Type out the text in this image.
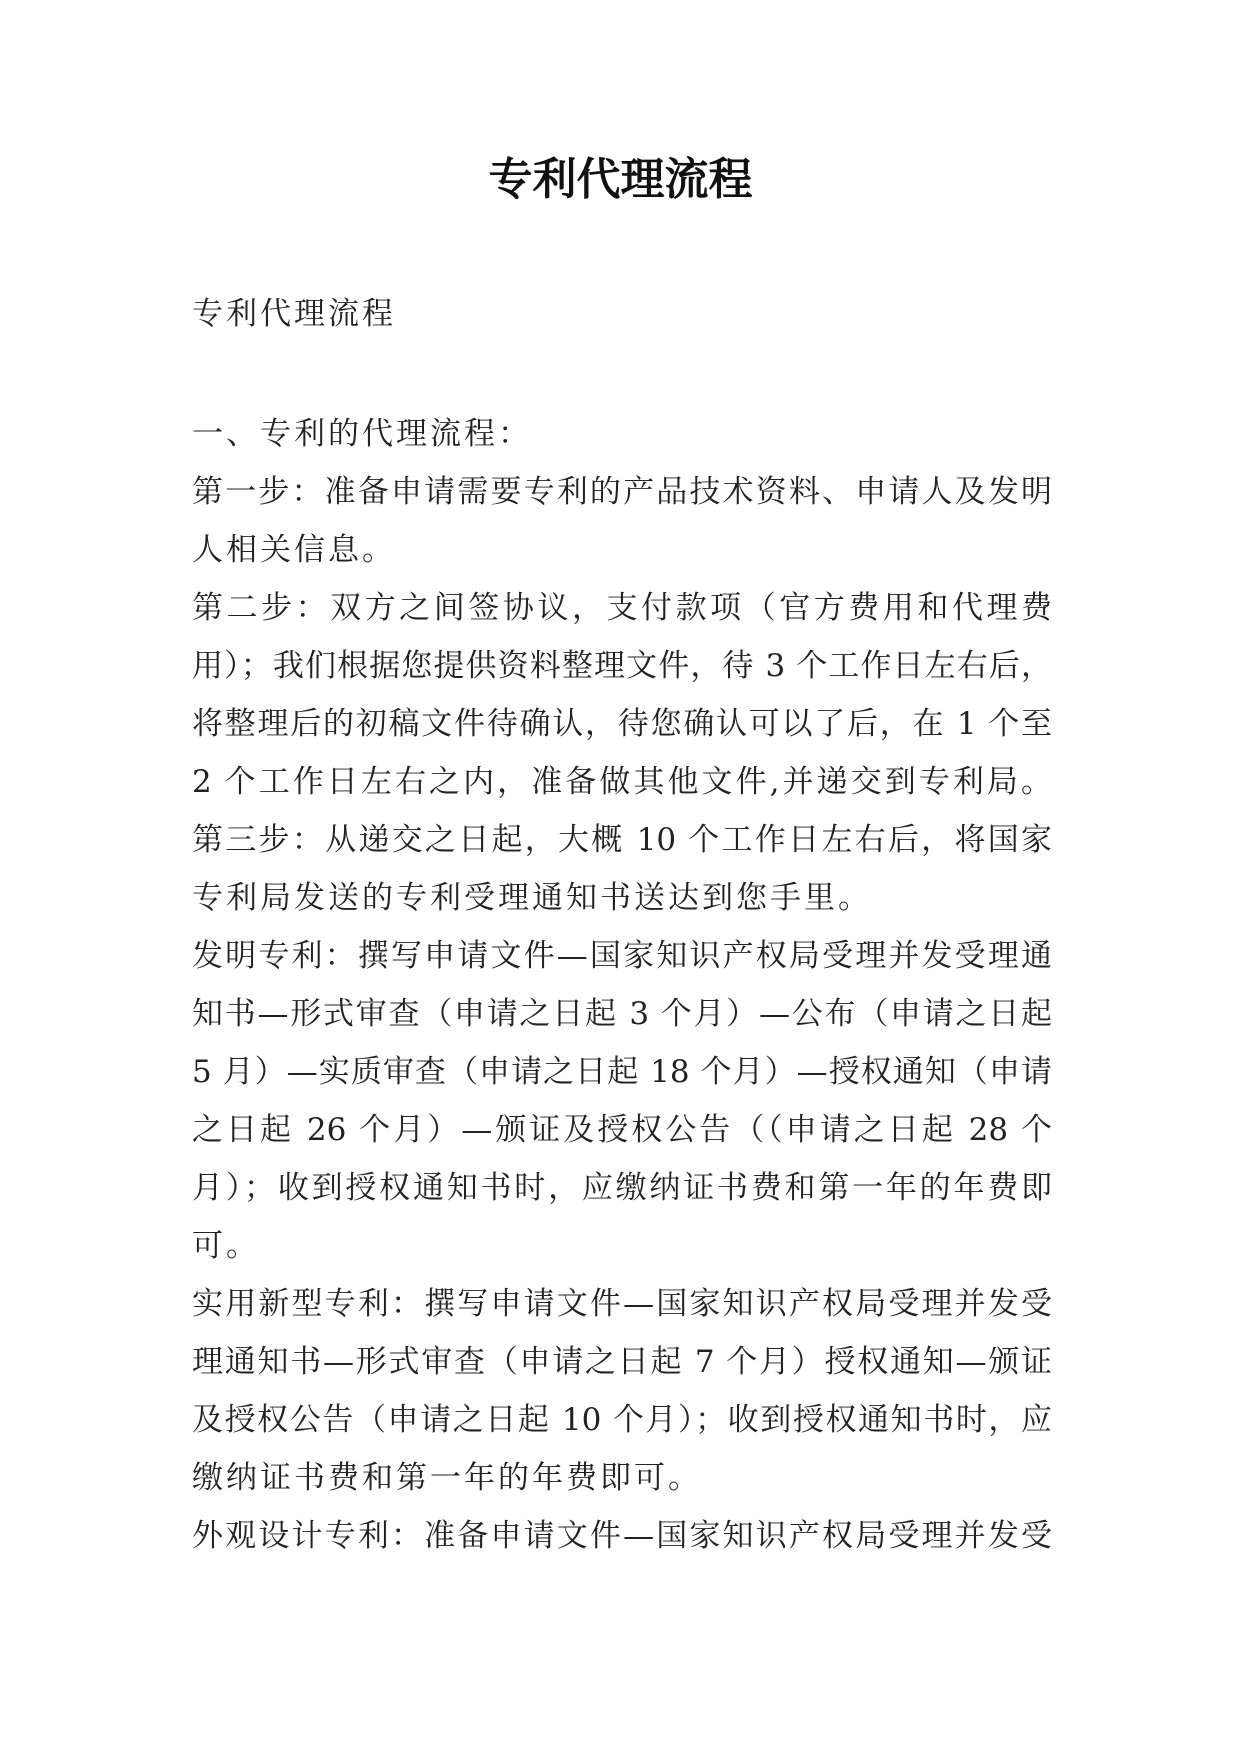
专利代理流程

专利代理流程

一、专利的代理流程：
第一步：准备申请需要专利的产品技术资料、申请人及发明
人相关信息。
第二步：双方之间签协议，支付款项（官方费用和代理费
用）；我们根据您提供资料整理文件，待 3 个工作日左右后，
将整理后的初稿文件待确认，待您确认可以了后，在 1 个至
2 个工作日左右之内，准备做其他文件,并递交到专利局。
第三步：从递交之日起，大概 10 个工作日左右后，将国家
专利局发送的专利受理通知书送达到您手里。
发明专利：撰写申请文件—国家知识产权局受理并发受理通
知书—形式审查（申请之日起 3 个月）—公布（申请之日起
5 月）—实质审查（申请之日起 18 个月）—授权通知（申请
之日起 26 个月）—颁证及授权公告（（申请之日起 28 个
月）；收到授权通知书时，应缴纳证书费和第一年的年费即
可。
实用新型专利：撰写申请文件—国家知识产权局受理并发受
理通知书—形式审查（申请之日起 7 个月）授权通知—颁证
及授权公告（申请之日起 10 个月）；收到授权通知书时，应
缴纳证书费和第一年的年费即可。
外观设计专利：准备申请文件—国家知识产权局受理并发受
